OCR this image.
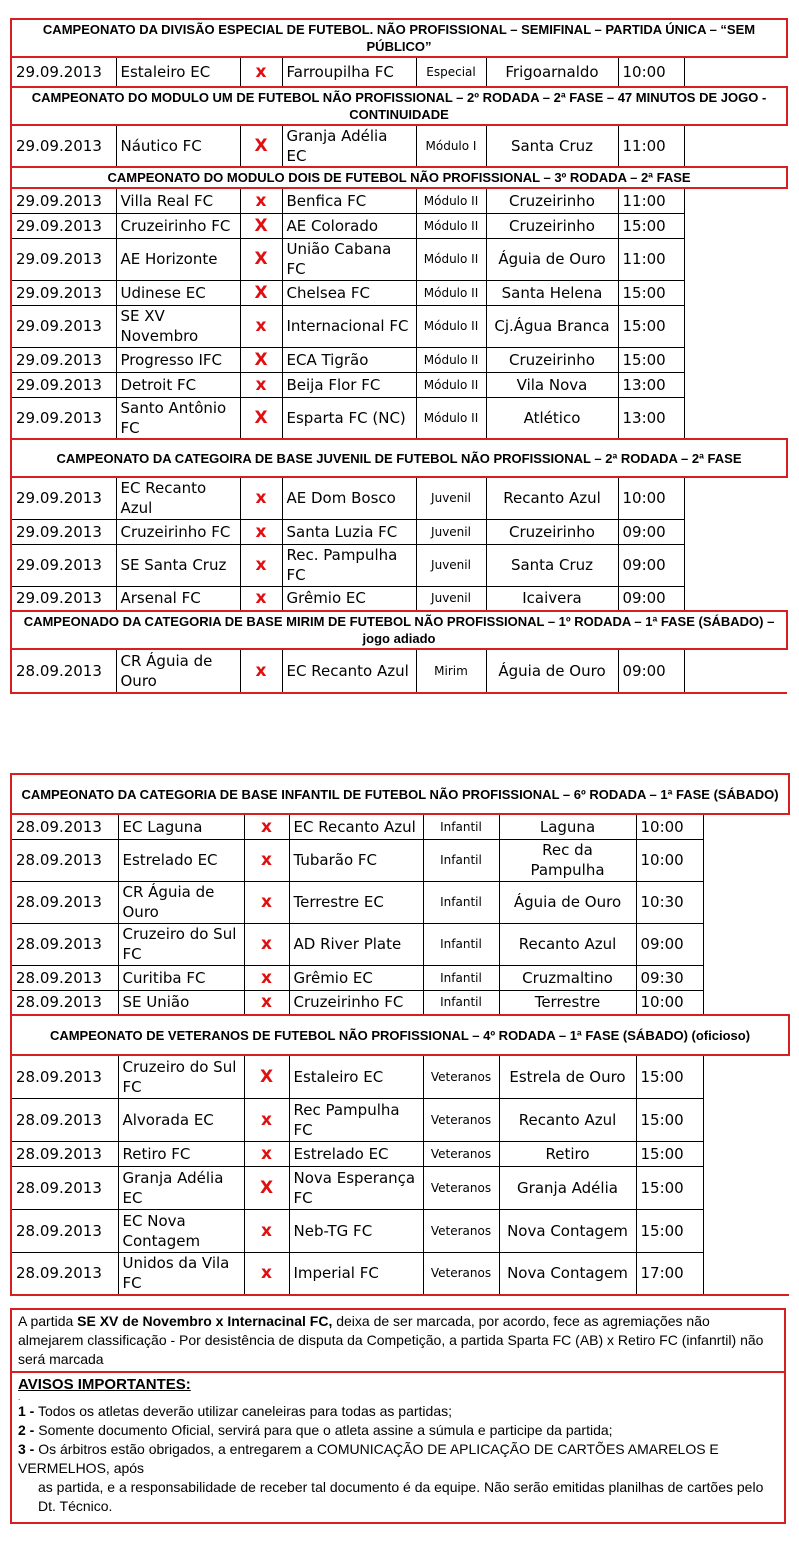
CAMPEONATO DA DIVISÃO ESPECIAL DE FUTEBOL. NÃO PROFISSIONAL – SEMIFINAL – PARTIDA ÚNICA – “SEM PÚBLICO”							
29.09.2013	Estaleiro EC	x	Farroupilha FC	Especial	Frigoarnaldo	10:00	
CAMPEONATO DO MODULO UM DE FUTEBOL NÃO PROFISSIONAL – 2º RODADA – 2ª FASE – 47 MINUTOS DE JOGO - CONTINUIDADE							
29.09.2013	Náutico FC	X	Granja Adélia EC	Módulo I	Santa Cruz	11:00	
CAMPEONATO DO MODULO DOIS DE FUTEBOL NÃO PROFISSIONAL – 3º RODADA – 2ª FASE							
29.09.2013	Villa Real FC	x	Benfica FC	Módulo II	Cruzeirinho	11:00	
29.09.2013	Cruzeirinho FC	X	AE Colorado	Módulo II	Cruzeirinho	15:00	
29.09.2013	AE Horizonte	X	União Cabana FC	Módulo II	Águia de Ouro	11:00	
29.09.2013	Udinese EC	X	Chelsea FC	Módulo II	Santa Helena	15:00	
29.09.2013	SE XV Novembro	x	Internacional FC	Módulo II	Cj.Água Branca	15:00	
29.09.2013	Progresso IFC	X	ECA Tigrão	Módulo II	Cruzeirinho	15:00	
29.09.2013	Detroit FC	x	Beija Flor FC	Módulo II	Vila Nova	13:00	
29.09.2013	Santo Antônio FC	X	Esparta FC (NC)	Módulo II	Atlético	13:00	
CAMPEONATO DA CATEGOIRA DE BASE JUVENIL DE FUTEBOL NÃO PROFISSIONAL – 2ª RODADA – 2ª FASE							
29.09.2013	EC Recanto Azul	x	AE Dom Bosco	Juvenil	Recanto Azul	10:00	
29.09.2013	Cruzeirinho FC	x	Santa Luzia FC	Juvenil	Cruzeirinho	09:00	
29.09.2013	SE Santa Cruz	x	Rec. Pampulha FC	Juvenil	Santa Cruz	09:00	
29.09.2013	Arsenal FC	x	Grêmio EC	Juvenil	Icaivera	09:00	
CAMPEONADO DA CATEGORIA DE BASE MIRIM DE FUTEBOL NÃO PROFISSIONAL – 1º RODADA – 1ª FASE (SÁBADO) – jogo adiado							
28.09.2013	CR Águia de Ouro	x	EC Recanto Azul	Mirim	Águia de Ouro	09:00	
CAMPEONATO DA CATEGORIA DE BASE INFANTIL DE FUTEBOL NÃO PROFISSIONAL – 6º RODADA – 1ª FASE (SÁBADO)							
28.09.2013	EC Laguna	x	EC Recanto Azul	Infantil	Laguna	10:00	
28.09.2013	Estrelado EC	x	Tubarão FC	Infantil	Rec da Pampulha	10:00	
28.09.2013	CR Águia de Ouro	x	Terrestre EC	Infantil	Águia de Ouro	10:30	
28.09.2013	Cruzeiro do Sul FC	x	AD River Plate	Infantil	Recanto Azul	09:00	
28.09.2013	Curitiba FC	x	Grêmio EC	Infantil	Cruzmaltino	09:30	
28.09.2013	SE União	x	Cruzeirinho FC	Infantil	Terrestre	10:00	
CAMPEONATO DE VETERANOS DE FUTEBOL NÃO PROFISSIONAL – 4º RODADA – 1ª FASE (SÁBADO) (oficioso)							
28.09.2013	Cruzeiro do Sul FC	X	Estaleiro EC	Veteranos	Estrela de Ouro	15:00	
28.09.2013	Alvorada EC	x	Rec Pampulha FC	Veteranos	Recanto Azul	15:00	
28.09.2013	Retiro FC	x	Estrelado EC	Veteranos	Retiro	15:00	
28.09.2013	Granja Adélia EC	X	Nova Esperança FC	Veteranos	Granja Adélia	15:00	
28.09.2013	EC Nova Contagem	x	Neb-TG FC	Veteranos	Nova Contagem	15:00	
28.09.2013	Unidos da Vila FC	x	Imperial FC	Veteranos	Nova Contagem	17:00	
A partida SE XV de Novembro x Internacinal FC, deixa de ser marcada, por acordo, fece as agremiações não almejarem classificação - Por desistência de disputa da Competição, a partida Sparta FC (AB) x Retiro FC (infanrtil) não será marcada
AVISOS IMPORTANTES:
.
1 - Todos os atletas deverão utilizar caneleiras para todas as partidas;
2 - Somente documento Oficial, servirá para que o atleta assine a súmula e participe da partida;
3 - Os árbitros estão obrigados, a entregarem a COMUNICAÇÃO DE APLICAÇÃO DE CARTÕES AMARELOS E VERMELHOS, após
as partida, e a responsabilidade de receber tal documento é da equipe. Não serão emitidas planilhas de cartões pelo Dt. Técnico.
